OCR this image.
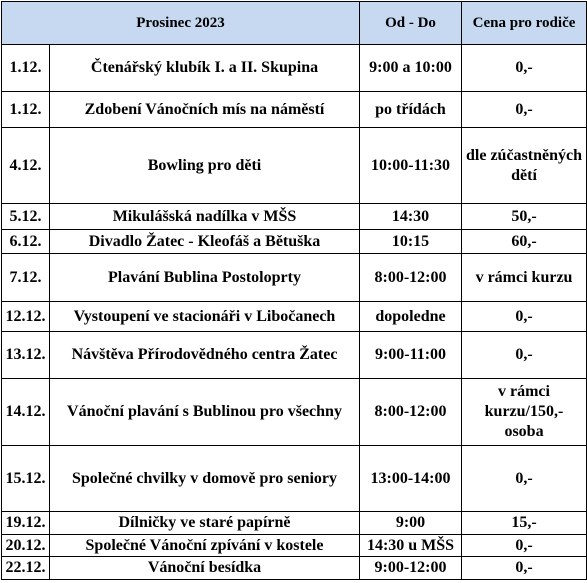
Prosinec 2023		Od - Do	Cena pro rodiče
1.12.	Čtenářský klubík I. a II. Skupina	9:00 a 10:00	0,-
1.12.	Zdobení Vánočních mís na náměstí	po třídách	0,-
4.12.	Bowling pro děti	10:00-11:30	dle zúčastněných dětí
5.12.	Mikulášská nadílka v MŠS	14:30	50,-
6.12.	Divadlo Žatec - Kleofáš a Bětuška	10:15	60,-
7.12.	Plavání Bublina Postoloprty	8:00-12:00	v rámci kurzu
12.12.	Vystoupení ve stacionáři v Libočanech	dopoledne	0,-
13.12.	Návštěva Přírodovědného centra Žatec	9:00-11:00	0,-
14.12.	Vánoční plavání s Bublinou pro všechny	8:00-12:00	v rámci kurzu/150,- osoba
15.12.	Společné chvilky v domově pro seniory	13:00-14:00	0,-
19.12.	Dílničky ve staré papírně	9:00	15,-
20.12.	Společné Vánoční zpívání v kostele	14:30 u MŠS	0,-
22.12.	Vánoční besídka	9:00-12:00	0,-
